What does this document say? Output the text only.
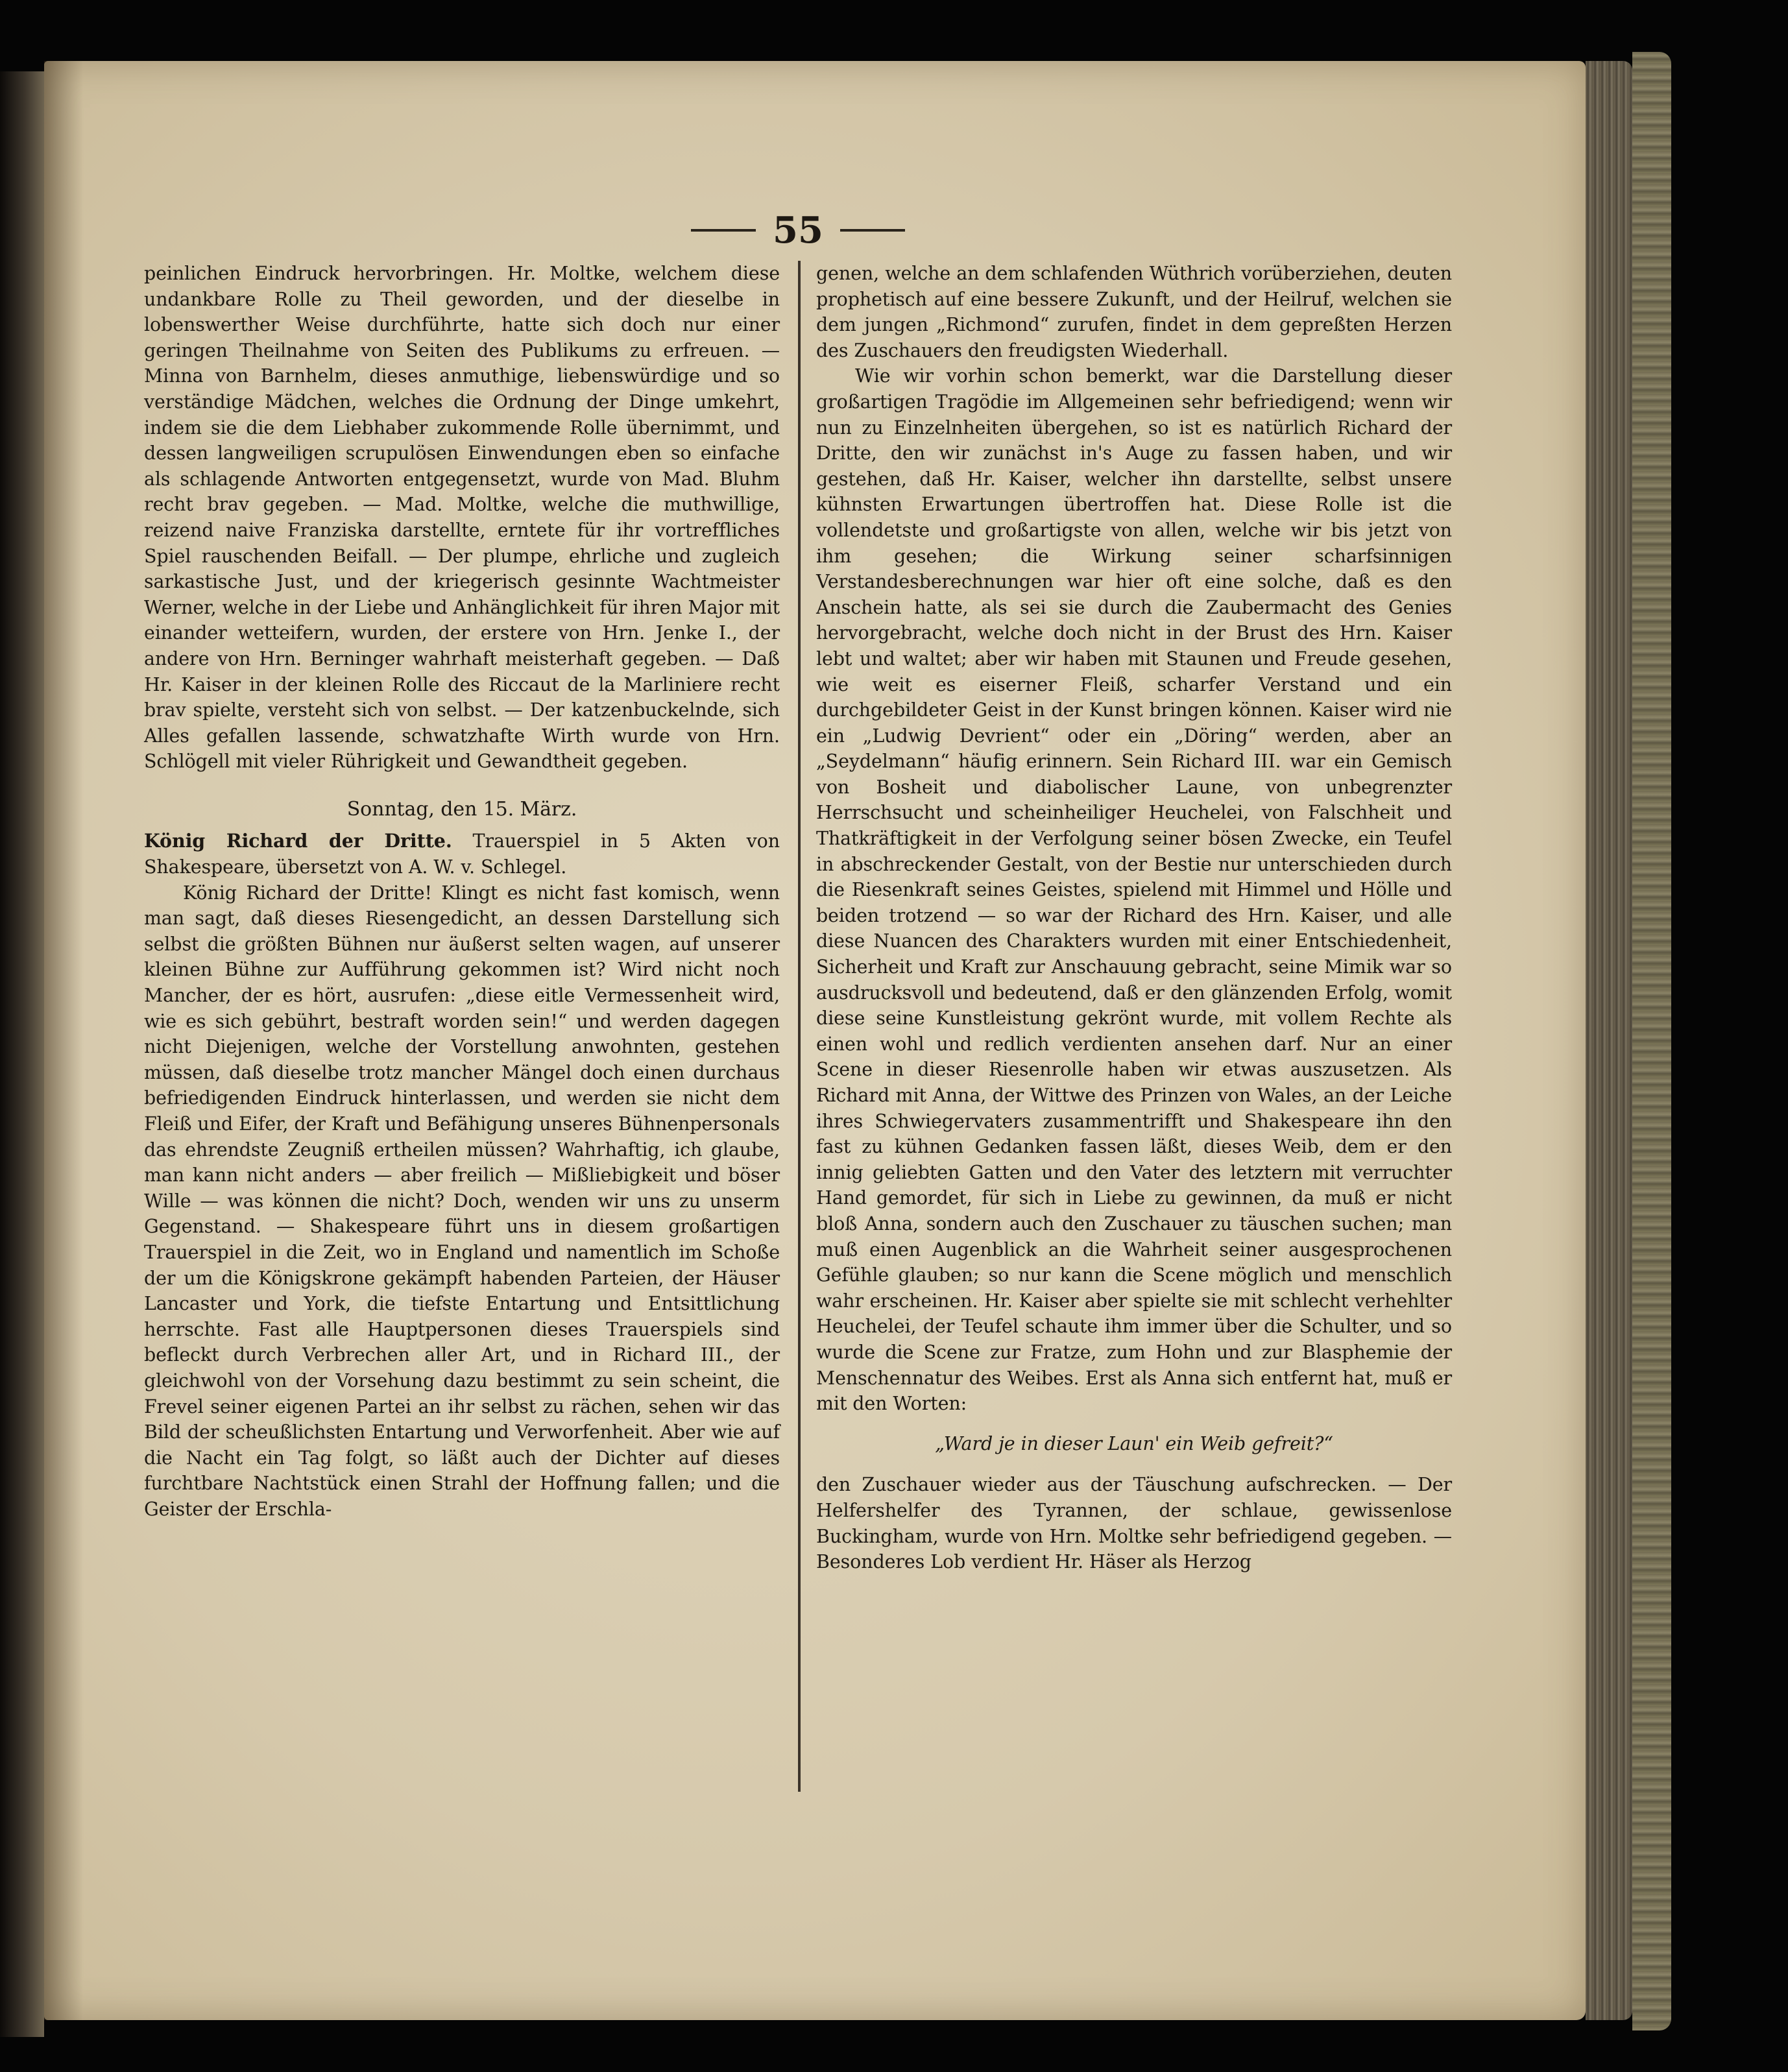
55

peinlichen Eindruck hervorbringen. Hr. Moltke, welchem diese undankbare Rolle zu Theil geworden, und der dieselbe in lobenswerther Weise durchführte, hatte sich doch nur einer geringen Theilnahme von Seiten des Publikums zu erfreuen. — Minna von Barnhelm, dieses anmuthige, liebenswürdige und so verständige Mädchen, welches die Ordnung der Dinge umkehrt, indem sie die dem Liebhaber zukommende Rolle übernimmt, und dessen langweiligen scrupulösen Einwendungen eben so einfache als schlagende Antworten entgegensetzt, wurde von Mad. Bluhm recht brav gegeben. — Mad. Moltke, welche die muthwillige, reizend naive Franziska darstellte, erntete für ihr vortreffliches Spiel rauschenden Beifall. — Der plumpe, ehrliche und zugleich sarkastische Just, und der kriegerisch gesinnte Wachtmeister Werner, welche in der Liebe und Anhänglichkeit für ihren Major mit einander wetteifern, wurden, der erstere von Hrn. Jenke I., der andere von Hrn. Berninger wahrhaft meisterhaft gegeben. — Daß Hr. Kaiser in der kleinen Rolle des Riccaut de la Marliniere recht brav spielte, versteht sich von selbst. — Der katzenbuckelnde, sich Alles gefallen lassende, schwatzhafte Wirth wurde von Hrn. Schlögell mit vieler Rührigkeit und Gewandtheit gegeben.

Sonntag, den 15. März.

König Richard der Dritte. Trauerspiel in 5 Akten von Shakespeare, übersetzt von A. W. v. Schlegel.

König Richard der Dritte! Klingt es nicht fast komisch, wenn man sagt, daß dieses Riesengedicht, an dessen Darstellung sich selbst die größten Bühnen nur äußerst selten wagen, auf unserer kleinen Bühne zur Aufführung gekommen ist? Wird nicht noch Mancher, der es hört, ausrufen: „diese eitle Vermessenheit wird, wie es sich gebührt, bestraft worden sein!“ und werden dagegen nicht Diejenigen, welche der Vorstellung anwohnten, gestehen müssen, daß dieselbe trotz mancher Mängel doch einen durchaus befriedigenden Eindruck hinterlassen, und werden sie nicht dem Fleiß und Eifer, der Kraft und Befähigung unseres Bühnenpersonals das ehrendste Zeugniß ertheilen müssen? Wahrhaftig, ich glaube, man kann nicht anders — aber freilich — Mißliebigkeit und böser Wille — was können die nicht? Doch, wenden wir uns zu unserm Gegenstand. — Shakespeare führt uns in diesem großartigen Trauerspiel in die Zeit, wo in England und namentlich im Schoße der um die Königskrone gekämpft habenden Parteien, der Häuser Lancaster und York, die tiefste Entartung und Entsittlichung herrschte. Fast alle Hauptpersonen dieses Trauerspiels sind befleckt durch Verbrechen aller Art, und in Richard III., der gleichwohl von der Vorsehung dazu bestimmt zu sein scheint, die Frevel seiner eigenen Partei an ihr selbst zu rächen, sehen wir das Bild der scheußlichsten Entartung und Verworfenheit. Aber wie auf die Nacht ein Tag folgt, so läßt auch der Dichter auf dieses furchtbare Nachtstück einen Strahl der Hoffnung fallen; und die Geister der Erschla-

genen, welche an dem schlafenden Wüthrich vorüberziehen, deuten prophetisch auf eine bessere Zukunft, und der Heilruf, welchen sie dem jungen „Richmond“ zurufen, findet in dem gepreßten Herzen des Zuschauers den freudigsten Wiederhall.

Wie wir vorhin schon bemerkt, war die Darstellung dieser großartigen Tragödie im Allgemeinen sehr befriedigend; wenn wir nun zu Einzelnheiten übergehen, so ist es natürlich Richard der Dritte, den wir zunächst in's Auge zu fassen haben, und wir gestehen, daß Hr. Kaiser, welcher ihn darstellte, selbst unsere kühnsten Erwartungen übertroffen hat. Diese Rolle ist die vollendetste und großartigste von allen, welche wir bis jetzt von ihm gesehen; die Wirkung seiner scharfsinnigen Verstandesberechnungen war hier oft eine solche, daß es den Anschein hatte, als sei sie durch die Zaubermacht des Genies hervorgebracht, welche doch nicht in der Brust des Hrn. Kaiser lebt und waltet; aber wir haben mit Staunen und Freude gesehen, wie weit es eiserner Fleiß, scharfer Verstand und ein durchgebildeter Geist in der Kunst bringen können. Kaiser wird nie ein „Ludwig Devrient“ oder ein „Döring“ werden, aber an „Seydelmann“ häufig erinnern. Sein Richard III. war ein Gemisch von Bosheit und diabolischer Laune, von unbegrenzter Herrschsucht und scheinheiliger Heuchelei, von Falschheit und Thatkräftigkeit in der Verfolgung seiner bösen Zwecke, ein Teufel in abschreckender Gestalt, von der Bestie nur unterschieden durch die Riesenkraft seines Geistes, spielend mit Himmel und Hölle und beiden trotzend — so war der Richard des Hrn. Kaiser, und alle diese Nuancen des Charakters wurden mit einer Entschiedenheit, Sicherheit und Kraft zur Anschauung gebracht, seine Mimik war so ausdrucksvoll und bedeutend, daß er den glänzenden Erfolg, womit diese seine Kunstleistung gekrönt wurde, mit vollem Rechte als einen wohl und redlich verdienten ansehen darf. Nur an einer Scene in dieser Riesenrolle haben wir etwas auszusetzen. Als Richard mit Anna, der Wittwe des Prinzen von Wales, an der Leiche ihres Schwiegervaters zusammentrifft und Shakespeare ihn den fast zu kühnen Gedanken fassen läßt, dieses Weib, dem er den innig geliebten Gatten und den Vater des letztern mit verruchter Hand gemordet, für sich in Liebe zu gewinnen, da muß er nicht bloß Anna, sondern auch den Zuschauer zu täuschen suchen; man muß einen Augenblick an die Wahrheit seiner ausgesprochenen Gefühle glauben; so nur kann die Scene möglich und menschlich wahr erscheinen. Hr. Kaiser aber spielte sie mit schlecht verhehlter Heuchelei, der Teufel schaute ihm immer über die Schulter, und so wurde die Scene zur Fratze, zum Hohn und zur Blasphemie der Menschennatur des Weibes. Erst als Anna sich entfernt hat, muß er mit den Worten:

„Ward je in dieser Laun' ein Weib gefreit?“

den Zuschauer wieder aus der Täuschung aufschrecken. — Der Helfershelfer des Tyrannen, der schlaue, gewissenlose Buckingham, wurde von Hrn. Moltke sehr befriedigend gegeben. — Besonderes Lob verdient Hr. Häser als Herzog
